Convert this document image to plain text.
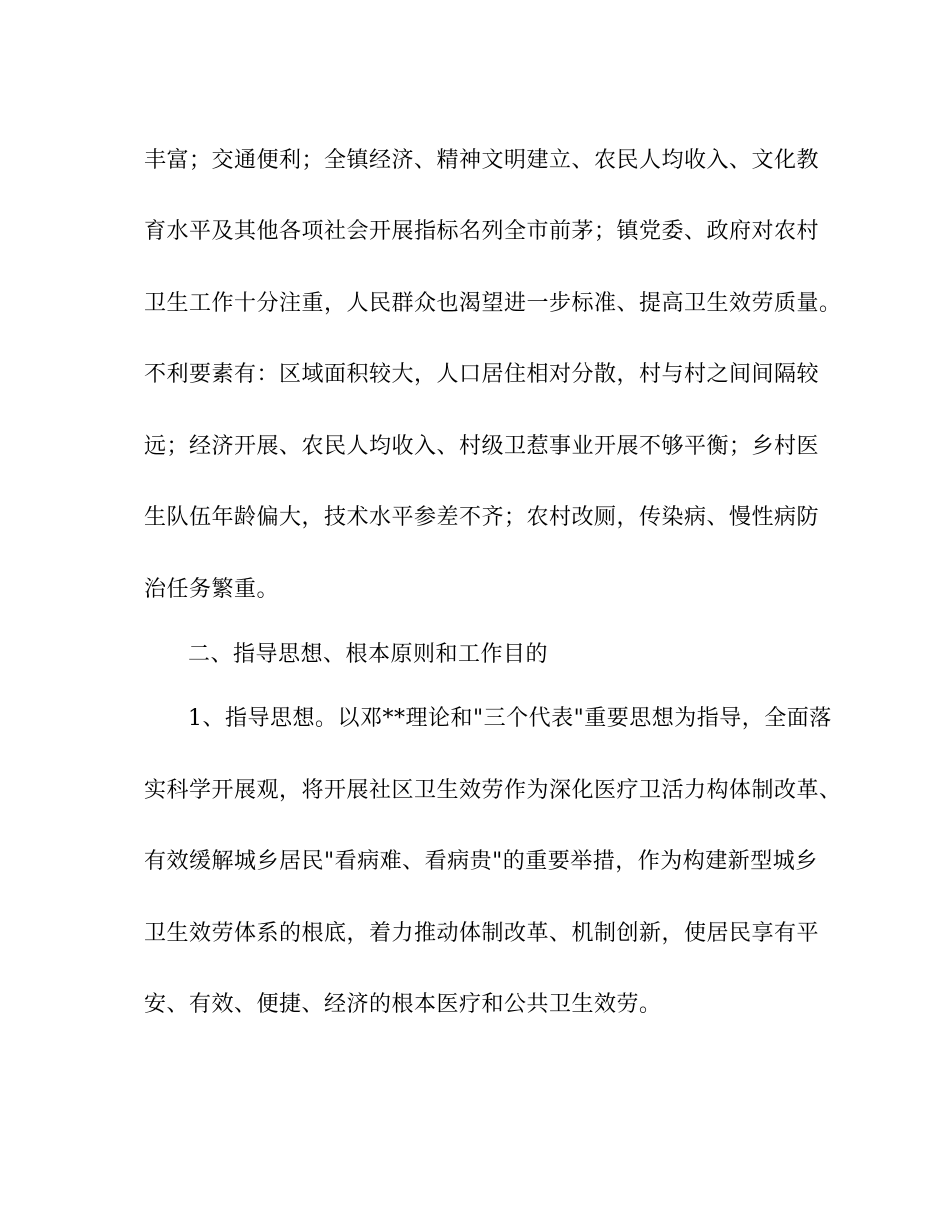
丰富；交通便利；全镇经济、精神文明建立、农民人均收入、文化教
育水平及其他各项社会开展指标名列全市前茅；镇党委、政府对农村
卫生工作十分注重，人民群众也渴望进一步标准、提高卫生效劳质量。
不利要素有：区域面积较大，人口居住相对分散，村与村之间间隔较
远；经济开展、农民人均收入、村级卫惹事业开展不够平衡；乡村医
生队伍年龄偏大，技术水平参差不齐；农村改厕，传染病、慢性病防
治任务繁重。
二、指导思想、根本原则和工作目的
1、指导思想。以邓**理论和"三个代表"重要思想为指导，全面落
实科学开展观，将开展社区卫生效劳作为深化医疗卫活力构体制改革、
有效缓解城乡居民"看病难、看病贵"的重要举措，作为构建新型城乡
卫生效劳体系的根底，着力推动体制改革、机制创新，使居民享有平
安、有效、便捷、经济的根本医疗和公共卫生效劳。
